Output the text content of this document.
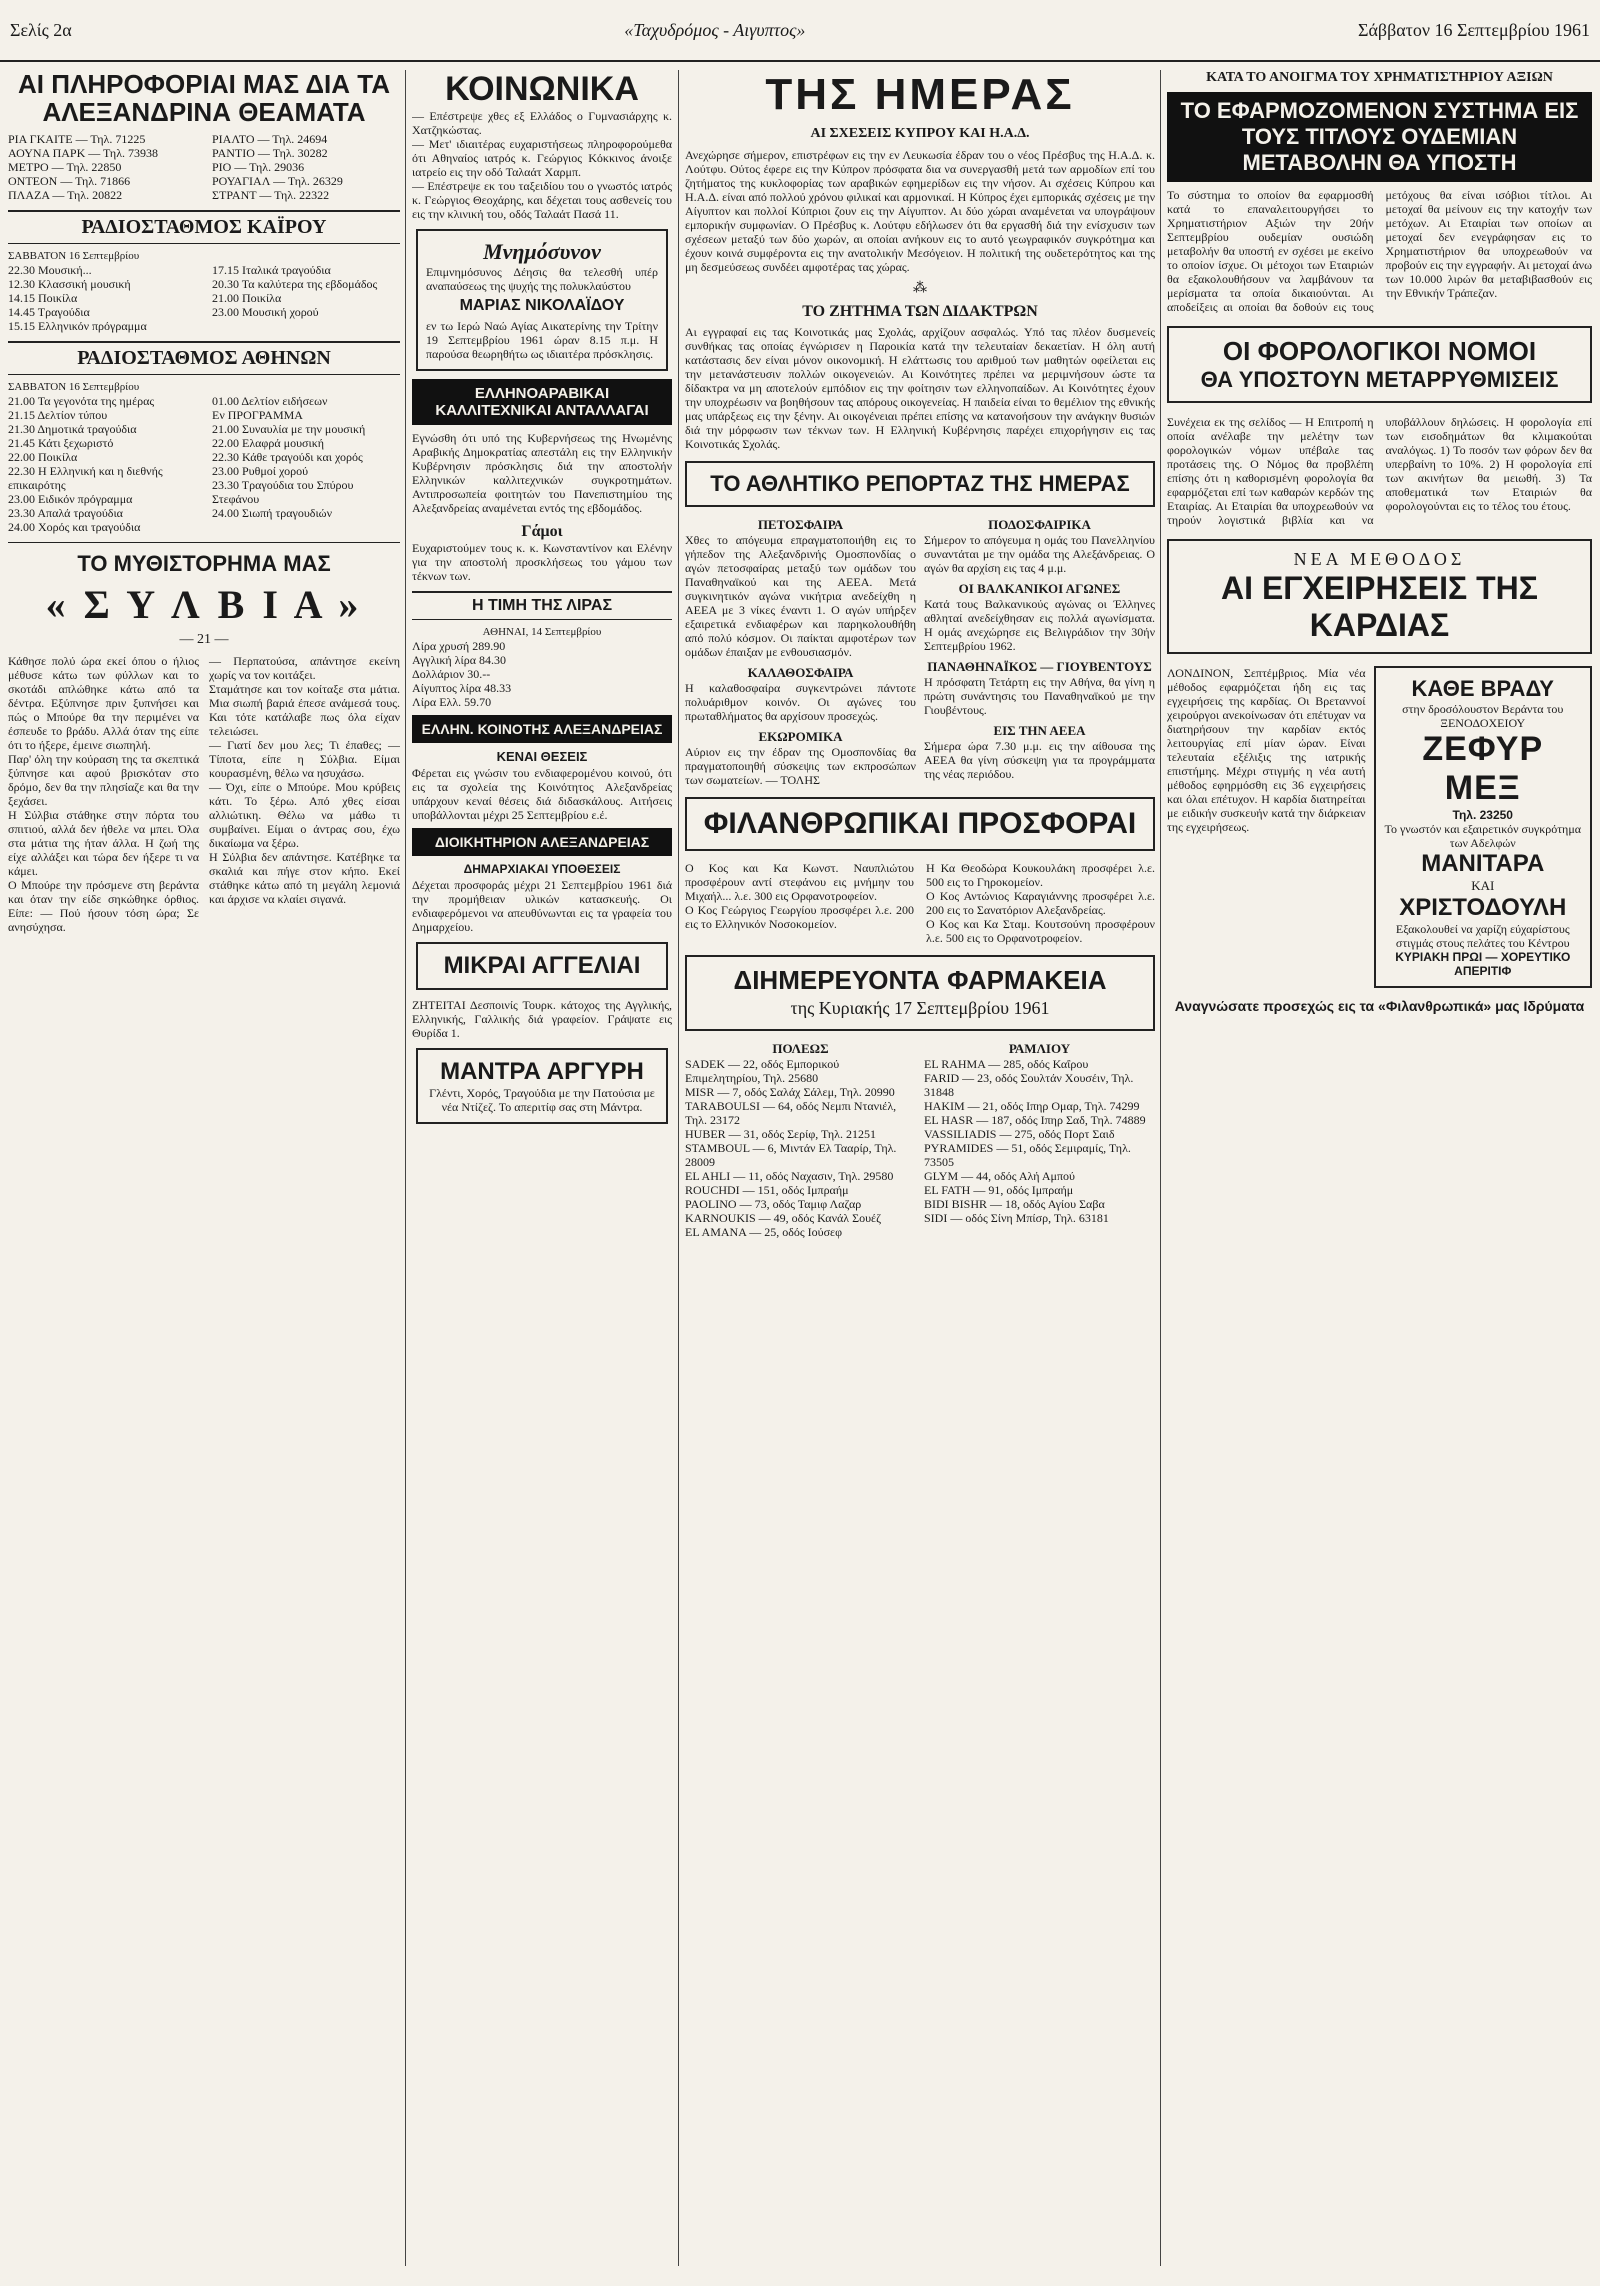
Σελίς 2α	«Ταχυδρόμος - Αιγυπτος»	Σάββατον 16 Σεπτεμβρίου 1961
ΑΙ ΠΛΗΡΟΦΟΡΙΑΙ ΜΑΣ ΔΙΑ ΤΑ ΑΛΕΞΑΝΔΡΙΝΑ ΘΕΑΜΑΤΑ
ΡΙΑ ΓΚΑΙΤΕ — Τηλ. 71225
ΑΟΥΝΑ ΠΑΡΚ — Τηλ. 73938
ΜΕΤΡΟ — Τηλ. 22850
ΟΝΤΕΟΝ — Τηλ. 71866
ΠΛΑΖΑ — Τηλ. 20822
ΡΙΑΛΤΟ — Τηλ. 24694
ΡΑΝΤΙΟ — Τηλ. 30282
ΡΙΟ — Τηλ. 29036
ΡΟΥΑΓΙΑΛ — Τηλ. 26329
ΣΤΡΑΝΤ — Τηλ. 22322
ΡΑΔΙΟΣΤΑΘΜΟΣ ΚΑΪΡΟΥ

ΣΑΒΒΑΤΟΝ 16 Σεπτεμβρίου

22.30 Μουσική...
12.30 Κλασσική μουσική
14.15 Ποικίλα
14.45 Τραγούδια
15.15 Ελληνικόν πρόγραμμα
17.15 Ιταλικά τραγούδια
20.30 Τα καλύτερα της εβδομάδος
21.00 Ποικίλα
23.00 Μουσική χορού
ΡΑΔΙΟΣΤΑΘΜΟΣ ΑΘΗΝΩΝ

ΣΑΒΒΑΤΟΝ 16 Σεπτεμβρίου

21.00 Τα γεγονότα της ημέρας
21.15 Δελτίον τύπου
21.30 Δημοτικά τραγούδια
21.45 Κάτι ξεχωριστό
22.00 Ποικίλα
22.30 Η Ελληνική και η διεθνής επικαιρότης
23.00 Ειδικόν πρόγραμμα
23.30 Απαλά τραγούδια
24.00 Χορός και τραγούδια
01.00 Δελτίον ειδήσεων
Εν ΠΡΟΓΡΑΜΜΑ
21.00 Συναυλία με την μουσική
22.00 Ελαφρά μουσική
22.30 Κάθε τραγούδι και χορός
23.00 Ρυθμοί χορού
23.30 Τραγούδια του Σπύρου Στεφάνου
24.00 Σιωπή τραγουδιών
ΤΟ ΜΥΘΙΣΤΟΡΗΜΑ ΜΑΣ
« Σ Υ Λ Β Ι Α »

— 21 —

Κάθησε πολύ ώρα εκεί όπου ο ήλιος μέθυσε κάτω των φύλλων και το σκοτάδι απλώθηκε κάτω από τα δέντρα. Εξύπνησε πριν ξυπνήσει και πώς ο Μπούρε θα την περιμένει να έσπευδε το βράδυ. Αλλά όταν της είπε ότι το ήξερε, έμεινε σιωπηλή.

Παρ' όλη την κούραση της τα σκεπτικά ξύπνησε και αφού βρισκόταν στο δρόμο, δεν θα την πλησίαζε και θα την ξεχάσει.

Η Σύλβια στάθηκε στην πόρτα του σπιτιού, αλλά δεν ήθελε να μπει. Όλα στα μάτια της ήταν άλλα. Η ζωή της είχε αλλάξει και τώρα δεν ήξερε τι να κάμει.

Ο Μπούρε την πρόσμενε στη βεράντα και όταν την είδε σηκώθηκε όρθιος. Είπε: — Πού ήσουν τόση ώρα; Σε ανησύχησα.

— Περπατούσα, απάντησε εκείνη χωρίς να τον κοιτάξει.

Σταμάτησε και τον κοίταξε στα μάτια. Μια σιωπή βαριά έπεσε ανάμεσά τους. Και τότε κατάλαβε πως όλα είχαν τελειώσει.

— Γιατί δεν μου λες; Τι έπαθες; — Τίποτα, είπε η Σύλβια. Είμαι κουρασμένη, θέλω να ησυχάσω.

— Όχι, είπε ο Μπούρε. Μου κρύβεις κάτι. Το ξέρω. Από χθες είσαι αλλιώτικη. Θέλω να μάθω τι συμβαίνει. Είμαι ο άντρας σου, έχω δικαίωμα να ξέρω.

Η Σύλβια δεν απάντησε. Κατέβηκε τα σκαλιά και πήγε στον κήπο. Εκεί στάθηκε κάτω από τη μεγάλη λεμονιά και άρχισε να κλαίει σιγανά.

ΚΟΙΝΩΝΙΚΑ

— Επέστρεψε χθες εξ Ελλάδος ο Γυμνασιάρχης κ. Χατζηκώστας.

— Μετ' ιδιαιτέρας ευχαριστήσεως πληροφορούμεθα ότι Αθηναίος ιατρός κ. Γεώργιος Κόκκινος άνοιξε ιατρείο εις την οδό Ταλαάτ Χαρμπ.

— Επέστρεψε εκ του ταξειδίου του ο γνωστός ιατρός κ. Γεώργιος Θεοχάρης, και δέχεται τους ασθενείς του εις την κλινική του, οδός Ταλαάτ Πασά 11.

Μνημόσυνον

Επιμνημόσυνος Δέησις θα τελεσθή υπέρ αναπαύσεως της ψυχής της πολυκλαύστου

ΜΑΡΙΑΣ ΝΙΚΟΛΑΪΔΟΥ

εν τω Ιερώ Ναώ Αγίας Αικατερίνης την Τρίτην 19 Σεπτεμβρίου 1961 ώραν 8.15 π.μ. Η παρούσα θεωρηθήτω ως ιδιαιτέρα πρόσκλησις.

ΕΛΛΗΝΟΑΡΑΒΙΚΑΙ ΚΑΛΛΙΤΕΧΝΙΚΑΙ ΑΝΤΑΛΛΑΓΑΙ

Εγνώσθη ότι υπό της Κυβερνήσεως της Ηνωμένης Αραβικής Δημοκρατίας απεστάλη εις την Ελληνικήν Κυβέρνησιν πρόσκλησις διά την αποστολήν Ελληνικών καλλιτεχνικών συγκροτημάτων. Αντιπροσωπεία φοιτητών του Πανεπιστημίου της Αλεξανδρείας αναμένεται εντός της εβδομάδος.

Γάμοι

Ευχαριστούμεν τους κ. κ. Κωνσταντίνον και Ελένην για την αποστολή προσκλήσεως του γάμου των τέκνων των.

Η ΤΙΜΗ ΤΗΣ ΛΙΡΑΣ

ΑΘΗΝΑΙ, 14 Σεπτεμβρίου

Λίρα χρυσή 289.90
Αγγλική λίρα 84.30
Δολλάριον 30.--
Αίγυπτος λίρα 48.33
Λίρα Ελλ. 59.70
ΕΛΛΗΝ. ΚΟΙΝΟΤΗΣ ΑΛΕΞΑΝΔΡΕΙΑΣ

ΚΕΝΑΙ ΘΕΣΕΙΣ

Φέρεται εις γνώσιν του ενδιαφερομένου κοινού, ότι εις τα σχολεία της Κοινότητος Αλεξανδρείας υπάρχουν κεναί θέσεις διά διδασκάλους. Αιτήσεις υποβάλλονται μέχρι 25 Σεπτεμβρίου ε.έ.

ΔΙΟΙΚΗΤΗΡΙΟΝ ΑΛΕΞΑΝΔΡΕΙΑΣ

ΔΗΜΑΡΧΙΑΚΑΙ ΥΠΟΘΕΣΕΙΣ

Δέχεται προσφοράς μέχρι 21 Σεπτεμβρίου 1961 διά την προμήθειαν υλικών κατασκευής. Οι ενδιαφερόμενοι να απευθύνωνται εις τα γραφεία του Δημαρχείου.

ΜΙΚΡΑΙ ΑΓΓΕΛΙΑΙ

ΖΗΤΕΙΤΑΙ Δεσποινίς Τουρκ. κάτοχος της Αγγλικής, Ελληνικής, Γαλλικής διά γραφείον. Γράψατε εις Θυρίδα 1.

ΜΑΝΤΡΑ ΑΡΓΥΡΗ

Γλέντι, Χορός, Τραγούδια με την Πατούσια με νέα Ντίζεζ. Το απεριτίφ σας στη Μάντρα.

ΤΗΣ ΗΜΕΡΑΣ
ΑΙ ΣΧΕΣΕΙΣ ΚΥΠΡΟΥ ΚΑΙ Η.Α.Δ.

Ανεχώρησε σήμερον, επιστρέφων εις την εν Λευκωσία έδραν του ο νέος Πρέσβυς της Η.Α.Δ. κ. Λούτφυ. Ούτος έφερε εις την Κύπρον πρόσφατα δια να συνεργασθή μετά των αρμοδίων επί του ζητήματος της κυκλοφορίας των αραβικών εφημερίδων εις την νήσον. Αι σχέσεις Κύπρου και Η.Α.Δ. είναι από πολλού χρόνου φιλικαί και αρμονικαί. Η Κύπρος έχει εμπορικάς σχέσεις με την Αίγυπτον και πολλοί Κύπριοι ζουν εις την Αίγυπτον. Αι δύο χώραι αναμένεται να υπογράψουν εμπορικήν συμφωνίαν. Ο Πρέσβυς κ. Λούτφυ εδήλωσεν ότι θα εργασθή διά την ενίσχυσιν των σχέσεων μεταξύ των δύο χωρών, αι οποίαι ανήκουν εις το αυτό γεωγραφικόν συγκρότημα και έχουν κοινά συμφέροντα εις την ανατολικήν Μεσόγειον. Η πολιτική της ουδετερότητος και της μη δεσμεύσεως συνδέει αμφοτέρας τας χώρας.

⁂
ΤΟ ΖΗΤΗΜΑ ΤΩΝ ΔΙΔΑΚΤΡΩΝ

Αι εγγραφαί εις τας Κοινοτικάς μας Σχολάς, αρχίζουν ασφαλώς. Υπό τας πλέον δυσμενείς συνθήκας τας οποίας έγνώρισεν η Παροικία κατά την τελευταίαν δεκαετίαν. Η όλη αυτή κατάστασις δεν είναι μόνον οικονομική. Η ελάττωσις του αριθμού των μαθητών οφείλεται εις την μετανάστευσιν πολλών οικογενειών. Αι Κοινότητες πρέπει να μεριμνήσουν ώστε τα δίδακτρα να μη αποτελούν εμπόδιον εις την φοίτησιν των ελληνοπαίδων. Αι Κοινότητες έχουν την υποχρέωσιν να βοηθήσουν τας απόρους οικογενείας. Η παιδεία είναι το θεμέλιον της εθνικής μας υπάρξεως εις την ξένην. Αι οικογένειαι πρέπει επίσης να κατανοήσουν την ανάγκην θυσιών διά την μόρφωσιν των τέκνων των. Η Ελληνική Κυβέρνησις παρέχει επιχορήγησιν εις τας Κοινοτικάς Σχολάς.

ΤΟ ΑΘΛΗΤΙΚΟ ΡΕΠΟΡΤΑΖ ΤΗΣ ΗΜΕΡΑΣ
ΠΕΤΟΣΦΑΙΡΑ

Χθες το απόγευμα επραγματοποιήθη εις το γήπεδον της Αλεξανδρινής Ομοσπονδίας ο αγών πετοσφαίρας μεταξύ των ομάδων του Παναθηναϊκού και της ΑΕΕΑ. Μετά συγκινητικόν αγώνα νικήτρια ανεδείχθη η ΑΕΕΑ με 3 νίκες έναντι 1. Ο αγών υπήρξεν εξαιρετικά ενδιαφέρων και παρηκολουθήθη από πολύ κόσμον. Οι παίκται αμφοτέρων των ομάδων έπαιξαν με ενθουσιασμόν.

ΚΑΛΑΘΟΣΦΑΙΡΑ

Η καλαθοσφαίρα συγκεντρώνει πάντοτε πολυάριθμον κοινόν. Οι αγώνες του πρωταθλήματος θα αρχίσουν προσεχώς.

ΕΚΩΡΟΜΙΚΑ

Αύριον εις την έδραν της Ομοσπονδίας θα πραγματοποιηθή σύσκεψις των εκπροσώπων των σωματείων. — ΤΟΛΗΣ

ΠΟΔΟΣΦΑΙΡΙΚΑ

Σήμερον το απόγευμα η ομάς του Πανελληνίου συναντάται με την ομάδα της Αλεξάνδρειας. Ο αγών θα αρχίση εις τας 4 μ.μ.

ΟΙ ΒΑΛΚΑΝΙΚΟΙ ΑΓΩΝΕΣ

Κατά τους Βαλκανικούς αγώνας οι Έλληνες αθληταί ανεδείχθησαν εις πολλά αγωνίσματα. Η ομάς ανεχώρησε εις Βελιγράδιον την 30ήν Σεπτεμβρίου 1962.

ΠΑΝΑΘΗΝΑΪΚΟΣ — ΓΙΟΥΒΕΝΤΟΥΣ

Η πρόσφατη Τετάρτη εις την Αθήνα, θα γίνη η πρώτη συνάντησις του Παναθηναϊκού με την Γιουβέντους.

ΕΙΣ ΤΗΝ ΑΕΕΑ

Σήμερα ώρα 7.30 μ.μ. εις την αίθουσα της ΑΕΕΑ θα γίνη σύσκεψη για τα προγράμματα της νέας περιόδου.

ΦΙΛΑΝΘΡΩΠΙΚΑΙ ΠΡΟΣΦΟΡΑΙ

Ο Κος και Κα Κωνστ. Ναυπλιώτου προσφέρουν αντί στεφάνου εις μνήμην του Μιχαήλ... λ.ε. 300 εις Ορφανοτροφείον.

Ο Κος Γεώργιος Γεωργίου προσφέρει λ.ε. 200 εις το Ελληνικόν Νοσοκομείον.

Η Κα Θεοδώρα Κουκουλάκη προσφέρει λ.ε. 500 εις το Γηροκομείον.

Ο Κος Αντώνιος Καραγιάννης προσφέρει λ.ε. 200 εις το Σανατόριον Αλεξανδρείας.

Ο Κος και Κα Σταμ. Κουτσούνη προσφέρουν λ.ε. 500 εις το Ορφανοτροφείον.

ΔΙΗΜΕΡΕΥΟΝΤΑ ΦΑΡΜΑΚΕΙΑ

της Κυριακής 17 Σεπτεμβρίου 1961

ΠΟΛΕΩΣ
SADEK — 22, οδός Εμπορικού Επιμελητηρίου, Τηλ. 25680
MISR — 7, οδός Σαλάχ Σάλεμ, Τηλ. 20990
TARABOULSI — 64, οδός Νεμπι Ντανιέλ, Τηλ. 23172
HUBER — 31, οδός Σερίφ, Τηλ. 21251
STAMBOUL — 6, Μιντάν Ελ Τααρίρ, Τηλ. 28009
EL AHLI — 11, οδός Ναχασιν, Τηλ. 29580
ROUCHDI — 151, οδός Ιμπραήμ
PAOLINO — 73, οδός Ταμιφ Λαζαρ
KARNOUKIS — 49, οδός Κανάλ Σουέζ
EL AMANA — 25, οδός Ιούσεφ
ΡΑΜΛΙΟΥ
EL RAHMA — 285, οδός Καΐρου
FARID — 23, οδός Σουλτάν Χουσέιν, Τηλ. 31848
HAKIM — 21, οδός Ιπηρ Ομαρ, Τηλ. 74299
EL HASR — 187, οδός Ιπηρ Σαδ, Τηλ. 74889
VASSILIADIS — 275, οδός Πορτ Σαιδ
PYRAMIDES — 51, οδός Σεμιραμίς, Τηλ. 73505
GLYM — 44, οδός Αλή Αμπού
EL FATH — 91, οδός Ιμπραήμ
BIDI BISHR — 18, οδός Αγίου Σαβα
SIDI — οδός Σίνη Μπίσρ, Τηλ. 63181
ΚΑΤΑ ΤΟ ΑΝΟΙΓΜΑ ΤΟΥ ΧΡΗΜΑΤΙΣΤΗΡΙΟΥ ΑΞΙΩΝ
ΤΟ ΕΦΑΡΜΟΖΟΜΕΝΟΝ ΣΥΣΤΗΜΑ ΕΙΣ ΤΟΥΣ ΤΙΤΛΟΥΣ ΟΥΔΕΜΙΑΝ ΜΕΤΑΒΟΛΗΝ ΘΑ ΥΠΟΣΤΗ

Το σύστημα το οποίον θα εφαρμοσθή κατά το επαναλειτουργήσει το Χρηματιστήριον Αξιών την 20ήν Σεπτεμβρίου ουδεμίαν ουσιώδη μεταβολήν θα υποστή εν σχέσει με εκείνο το οποίον ίσχυε. Οι μέτοχοι των Εταιριών θα εξακολουθήσουν να λαμβάνουν τα μερίσματα τα οποία δικαιούνται. Αι αποδείξεις αι οποίαι θα δοθούν εις τους μετόχους θα είναι ισόβιοι τίτλοι. Αι μετοχαί θα μείνουν εις την κατοχήν των μετόχων. Αι Εταιρίαι των οποίων αι μετοχαί δεν ενεγράφησαν εις το Χρηματιστήριον θα υποχρεωθούν να προβούν εις την εγγραφήν. Αι μετοχαί άνω των 10.000 λιρών θα μεταβιβασθούν εις την Εθνικήν Τράπεζαν.

ΟΙ ΦΟΡΟΛΟΓΙΚΟΙ ΝΟΜΟΙ
ΘΑ ΥΠΟΣΤΟΥΝ ΜΕΤΑΡΡΥΘΜΙΣΕΙΣ

Συνέχεια εκ της σελίδος — Η Επιτροπή η οποία ανέλαβε την μελέτην των φορολογικών νόμων υπέβαλε τας προτάσεις της. Ο Νόμος θα προβλέπη επίσης ότι η καθορισμένη φορολογία θα εφαρμόζεται επί των καθαρών κερδών της Εταιρίας. Αι Εταιρίαι θα υποχρεωθούν να τηρούν λογιστικά βιβλία και να υποβάλλουν δηλώσεις. Η φορολογία επί των εισοδημάτων θα κλιμακούται αναλόγως. 1) Το ποσόν των φόρων δεν θα υπερβαίνη το 10%. 2) Η φορολογία επί των ακινήτων θα μειωθή. 3) Τα αποθεματικά των Εταιριών θα φορολογούνται εις το τέλος του έτους.

ΝΕΑ ΜΕΘΟΔΟΣ

ΑΙ ΕΓΧΕΙΡΗΣΕΙΣ ΤΗΣ ΚΑΡΔΙΑΣ

ΛΟΝΔΙΝΟΝ, Σεπτέμβριος. Μία νέα μέθοδος εφαρμόζεται ήδη εις τας εγχειρήσεις της καρδίας. Οι Βρεταννοί χειρούργοι ανεκοίνωσαν ότι επέτυχαν να διατηρήσουν την καρδίαν εκτός λειτουργίας επί μίαν ώραν. Είναι τελευταία εξέλιξις της ιατρικής επιστήμης. Μέχρι στιγμής η νέα αυτή μέθοδος εφηρμόσθη εις 36 εγχειρήσεις και όλαι επέτυχον. Η καρδία διατηρείται με ειδικήν συσκευήν κατά την διάρκειαν της εγχειρήσεως.

ΚΑΘΕ ΒΡΑΔΥ

στην δροσόλουστον Βεράντα του ΞΕΝΟΔΟΧΕΙΟΥ

ΖΕΦΥΡ ΜΕΞ

Τηλ. 23250

Το γνωστόν και εξαιρετικόν συγκρότημα των Αδελφών

ΜΑΝΙΤΑΡΑ
ΚΑΙ
ΧΡΙΣΤΟΔΟΥΛΗ

Εξακολουθεί να χαρίζη εύχαρίστους στιγμάς στους πελάτες του Κέντρου

ΚΥΡΙΑΚΗ ΠΡΩΙ — ΧΟΡΕΥΤΙΚΟ ΑΠΕΡΙΤΙΦ

Αναγνώσατε προσεχώς εις τα «Φιλανθρωπικά» μας Ιδρύματα
